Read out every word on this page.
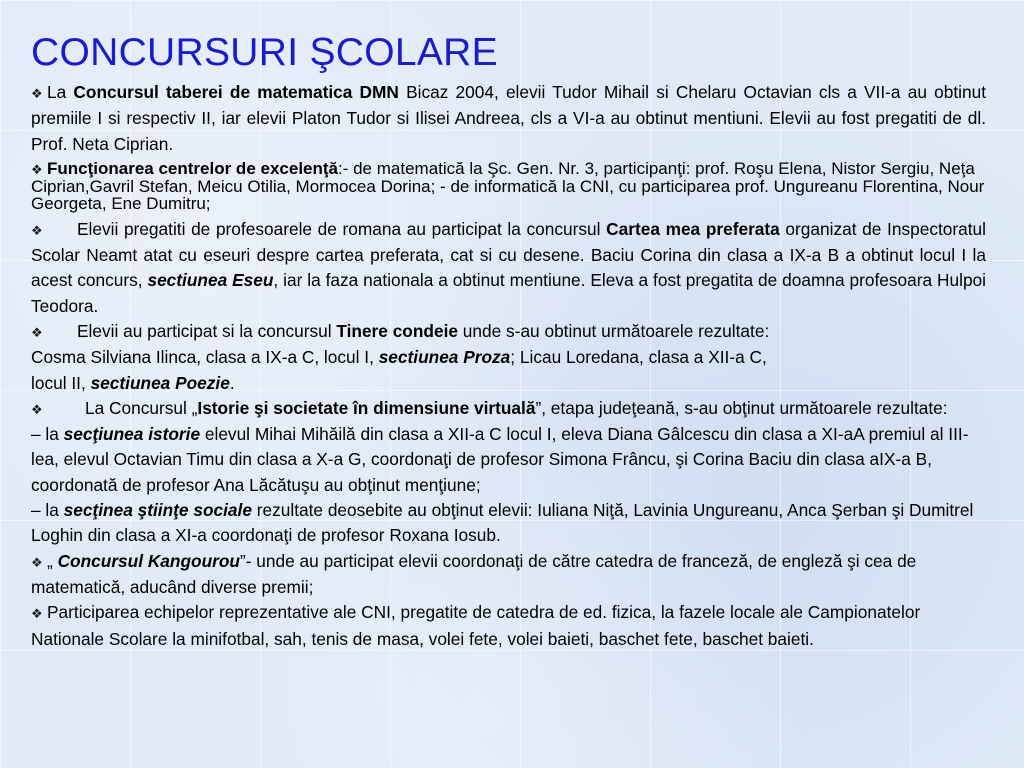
CONCURSURI ŞCOLARE

❖ La Concursul taberei de matematica DMN Bicaz 2004, elevii Tudor Mihail si Chelaru Octavian cls a VII-a au obtinut premiile I si respectiv II, iar elevii Platon Tudor si Ilisei Andreea, cls a VI-a au obtinut mentiuni. Elevii au fost pregatiti de dl. Prof. Neta Ciprian.

❖ Funcţionarea centrelor de excelenţă:- de matematică la Şc. Gen. Nr. 3, participanţi: prof. Roşu Elena, Nistor Sergiu, Neţa Ciprian,Gavril Stefan, Meicu Otilia, Mormocea Dorina; - de informatică la CNI, cu participarea prof. Ungureanu Florentina, Nour Georgeta, Ene Dumitru;

❖ Elevii pregatiti de profesoarele de romana au participat la concursul Cartea mea preferata organizat de Inspectoratul Scolar Neamt atat cu eseuri despre cartea preferata, cat si cu desene. Baciu Corina din clasa a IX-a B a obtinut locul I la acest concurs, sectiunea Eseu, iar la faza nationala a obtinut mentiune. Eleva a fost pregatita de doamna profesoara Hulpoi Teodora.

❖ Elevii au participat si la concursul Tinere condeie unde s-au obtinut următoarele rezultate:
Cosma Silviana Ilinca, clasa a IX-a C, locul I, sectiunea Proza; Licau Loredana, clasa a XII-a C,
locul II, sectiunea Poezie.

❖ La Concursul „Istorie şi societate în dimensiune virtuală”, etapa judeţeană, s-au obţinut următoarele rezultate:

– la secţiunea istorie elevul Mihai Mihăilă din clasa a XII-a C locul I, eleva Diana Gâlcescu din clasa a XI-aA premiul al III-lea, elevul Octavian Timu din clasa a X-a G, coordonaţi de profesor Simona Frâncu, şi Corina Baciu din clasa aIX-a B, coordonată de profesor Ana Lăcătuşu au obţinut menţiune;

– la secţinea ştiinţe sociale rezultate deosebite au obţinut elevii: Iuliana Niţă, Lavinia Ungureanu, Anca Şerban şi Dumitrel Loghin din clasa a XI-a coordonaţi de profesor Roxana Iosub.

❖ „ Concursul Kangourou”- unde au participat elevii coordonaţi de către catedra de franceză, de engleză şi cea de matematică, aducând diverse premii;

❖ Participarea echipelor reprezentative ale CNI, pregatite de catedra de ed. fizica, la fazele locale ale Campionatelor Nationale Scolare la minifotbal, sah, tenis de masa, volei fete, volei baieti, baschet fete, baschet baieti.
